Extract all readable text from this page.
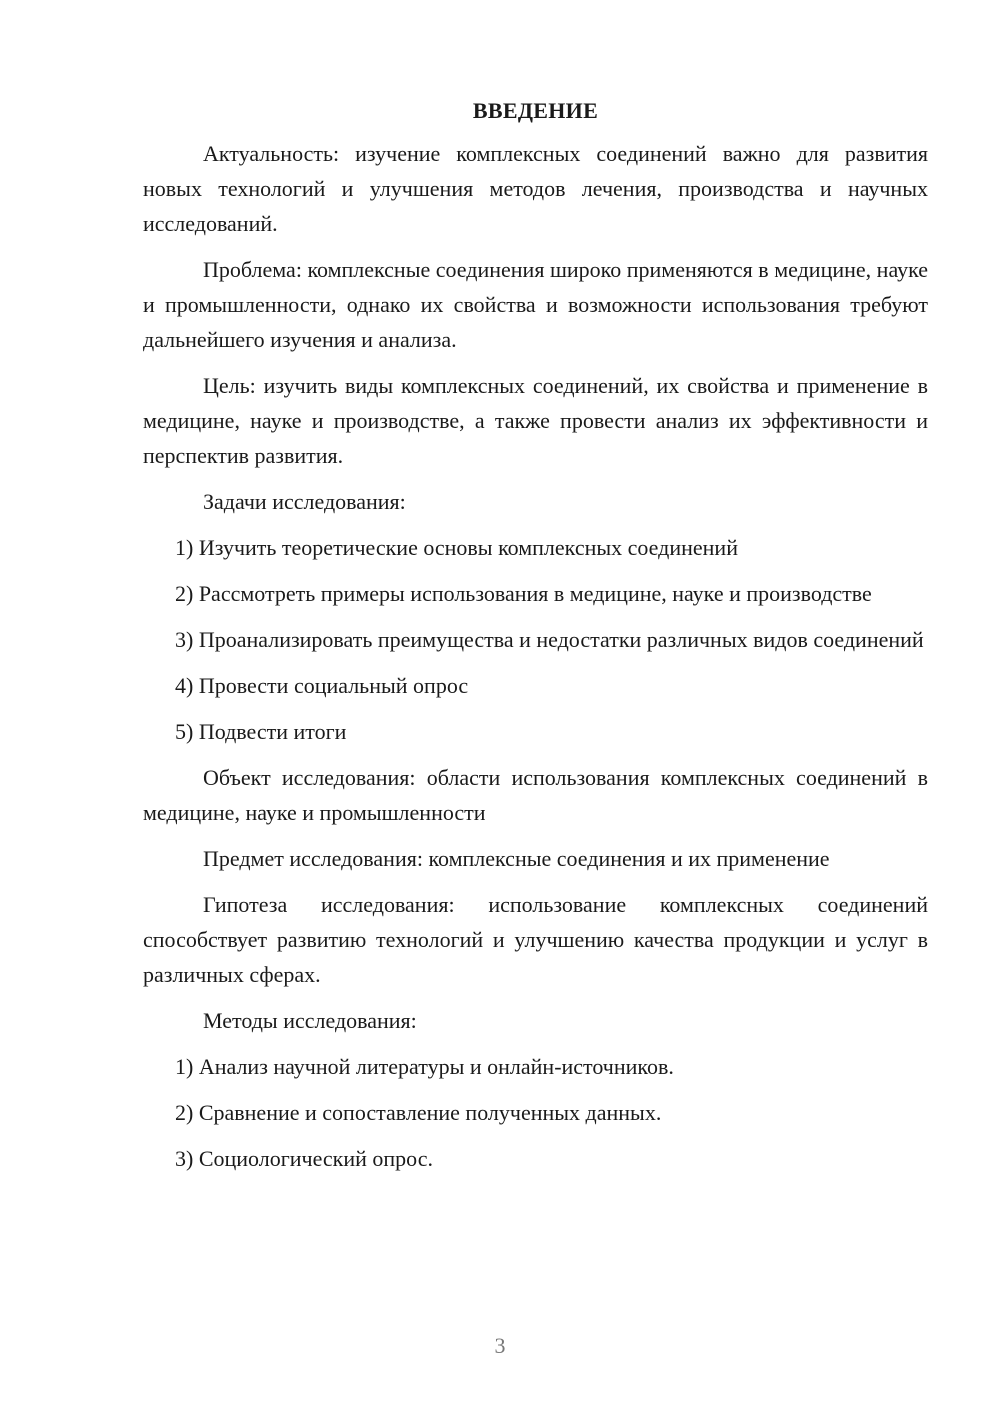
ВВЕДЕНИЕ
Актуальность: изучение комплексных соединений важно для развития новых технологий и улучшения методов лечения, производства и научных исследований.
Проблема: комплексные соединения широко применяются в медицине, науке и промышленности, однако их свойства и возможности использования требуют дальнейшего изучения и анализа.
Цель: изучить виды комплексных соединений, их свойства и применение в медицине, науке и производстве, а также провести анализ их эффективности и перспектив развития.
Задачи исследования:
1) Изучить теоретические основы комплексных соединений
2) Рассмотреть примеры использования в медицине, науке и производстве
3) Проанализировать преимущества и недостатки различных видов соединений
4) Провести социальный опрос
5) Подвести итоги
Объект исследования: области использования комплексных соединений в медицине, науке и промышленности
Предмет исследования: комплексные соединения и их применение
Гипотеза исследования: использование комплексных соединений способствует развитию технологий и улучшению качества продукции и услуг в различных сферах.
Методы исследования:
1) Анализ научной литературы и онлайн-источников.
2) Сравнение и сопоставление полученных данных.
3) Социологический опрос.
3
